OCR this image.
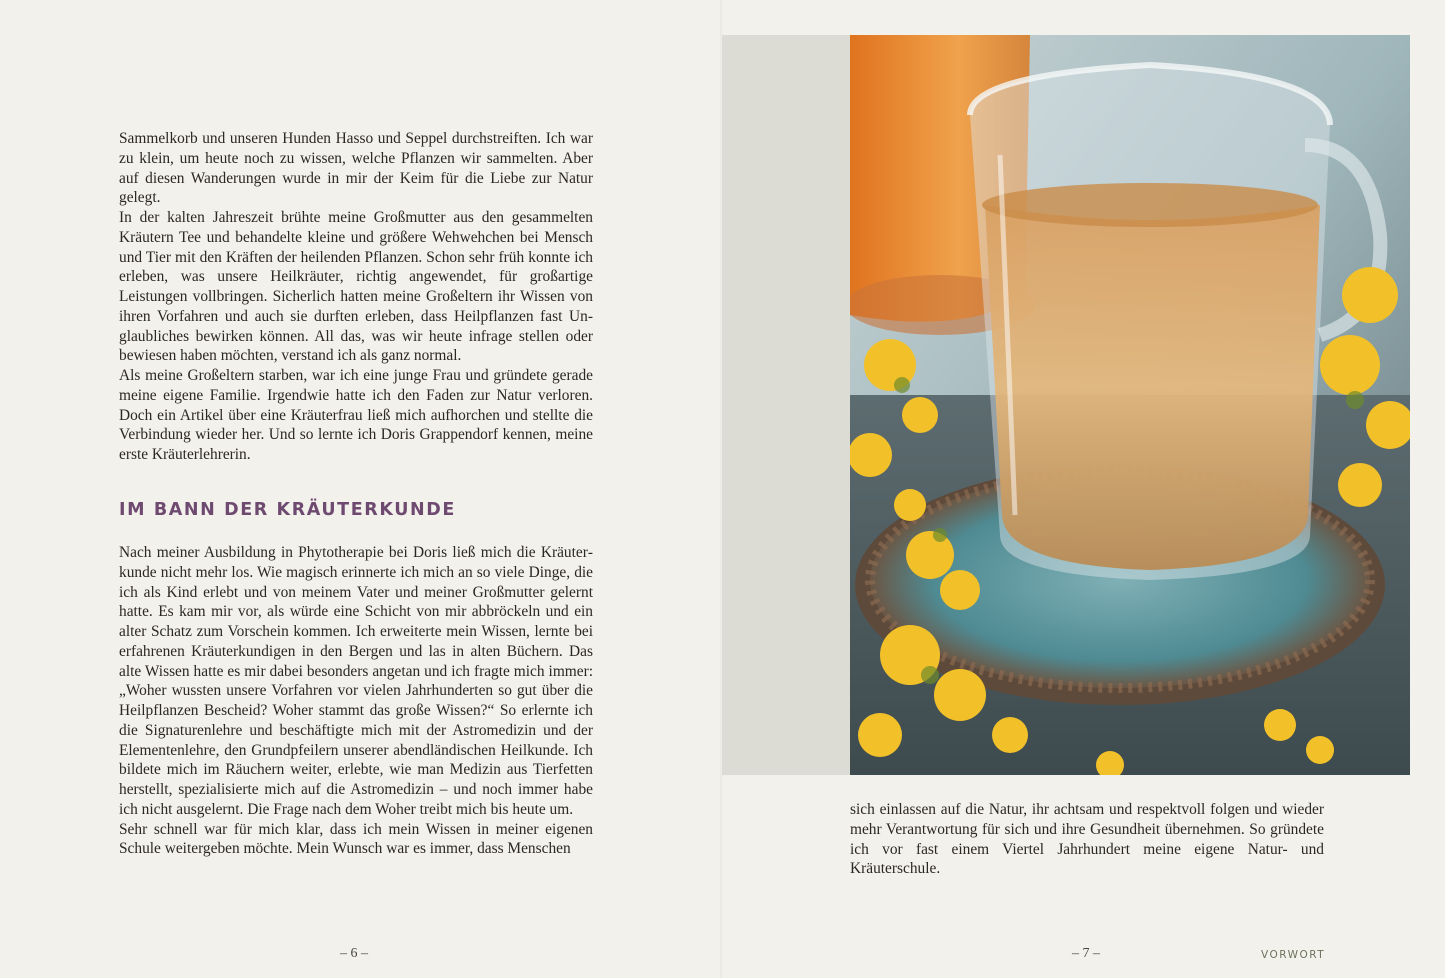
Sammelkorb und unseren Hunden Hasso und Seppel durchstreiften. Ich war zu klein, um heute noch zu wissen, welche Pflanzen wir sammelten. Aber auf diesen Wanderungen wurde in mir der Keim für die Liebe zur Natur gelegt.

In der kalten Jahreszeit brühte meine Großmutter aus den gesammelten Kräutern Tee und behandelte kleine und größere Wehwehchen bei Mensch und Tier mit den Kräften der heilenden Pflanzen. Schon sehr früh konnte ich erleben, was unsere Heilkräuter, richtig angewendet, für großartige Leistungen vollbringen. Sicherlich hatten meine Großeltern ihr Wissen von ihren Vorfahren und auch sie durften erleben, dass Heilpflanzen fast Unglaubliches bewirken können. All das, was wir heute infrage stellen oder bewiesen haben möchten, verstand ich als ganz normal.

Als meine Großeltern starben, war ich eine junge Frau und gründete gerade meine eigene Familie. Irgendwie hatte ich den Faden zur Natur verloren. Doch ein Artikel über eine Kräuterfrau ließ mich aufhorchen und stellte die Verbindung wieder her. Und so lernte ich Doris Grappendorf kennen, meine erste Kräuterlehrerin.

IM BANN DER KRÄUTERKUNDE

Nach meiner Ausbildung in Phytotherapie bei Doris ließ mich die Kräuterkunde nicht mehr los. Wie magisch erinnerte ich mich an so viele Dinge, die ich als Kind erlebt und von meinem Vater und meiner Großmutter gelernt hatte. Es kam mir vor, als würde eine Schicht von mir abbröckeln und ein alter Schatz zum Vorschein kommen. Ich erweiterte mein Wissen, lernte bei erfahrenen Kräuterkundigen in den Bergen und las in alten Büchern. Das alte Wissen hatte es mir dabei besonders angetan und ich fragte mich immer: „Woher wussten unsere Vorfahren vor vielen Jahrhunderten so gut über die Heilpflanzen Bescheid? Woher stammt das große Wissen?“ So erlernte ich die Signaturenlehre und beschäftigte mich mit der Astromedizin und der Elementenlehre, den Grundpfeilern unserer abendländischen Heilkunde. Ich bildete mich im Räuchern weiter, erlebte, wie man Medizin aus Tierfetten herstellt, spezialisierte mich auf die Astromedizin – und noch immer habe ich nicht ausgelernt. Die Frage nach dem Woher treibt mich bis heute um.

Sehr schnell war für mich klar, dass ich mein Wissen in meiner eigenen Schule weitergeben möchte. Mein Wunsch war es immer, dass Menschen

– 6 –

sich einlassen auf die Natur, ihr achtsam und respektvoll folgen und wieder mehr Verantwortung für sich und ihre Gesundheit übernehmen. So gründete ich vor fast einem Viertel Jahrhundert meine eigene Natur- und Kräuterschule.

– 7 –	VORWORT
